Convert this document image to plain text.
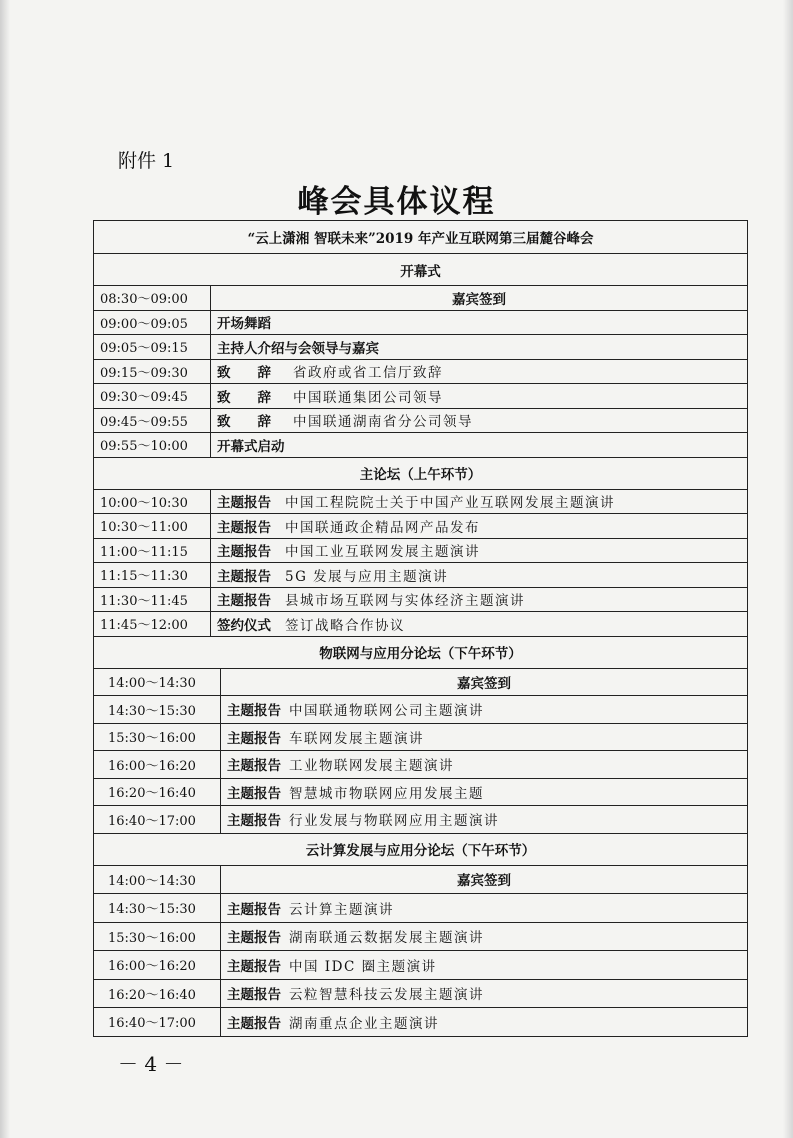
附件 1
峰会具体议程
“云上潇湘 智联未来”2019 年产业互联网第三届麓谷峰会		
开幕式		
08:30～09:00	嘉宾签到	
09:00～09:05	开场舞蹈	
09:05～09:15	主持人介绍与会领导与嘉宾	
09:15～09:30	致　　辞 省政府或省工信厅致辞	
09:30～09:45	致　　辞 中国联通集团公司领导	
09:45～09:55	致　　辞 中国联通湖南省分公司领导	
09:55～10:00	开幕式启动	
主论坛（上午环节）		
10:00～10:30	主题报告 中国工程院院士关于中国产业互联网发展主题演讲	
10:30～11:00	主题报告 中国联通政企精品网产品发布	
11:00～11:15	主题报告 中国工业互联网发展主题演讲	
11:15～11:30	主题报告 5G 发展与应用主题演讲	
11:30～11:45	主题报告 县城市场互联网与实体经济主题演讲	
11:45～12:00	签约仪式 签订战略合作协议	
物联网与应用分论坛（下午环节）		
14:00～14:30		嘉宾签到
14:30～15:30		主题报告 中国联通物联网公司主题演讲
15:30～16:00		主题报告 车联网发展主题演讲
16:00～16:20		主题报告 工业物联网发展主题演讲
16:20～16:40		主题报告 智慧城市物联网应用发展主题
16:40～17:00		主题报告 行业发展与物联网应用主题演讲
云计算发展与应用分论坛（下午环节）		
14:00～14:30		嘉宾签到
14:30～15:30		主题报告 云计算主题演讲
15:30～16:00		主题报告 湖南联通云数据发展主题演讲
16:00～16:20		主题报告 中国 IDC 圈主题演讲
16:20～16:40		主题报告 云粒智慧科技云发展主题演讲
16:40～17:00		主题报告 湖南重点企业主题演讲
－ 4 －
